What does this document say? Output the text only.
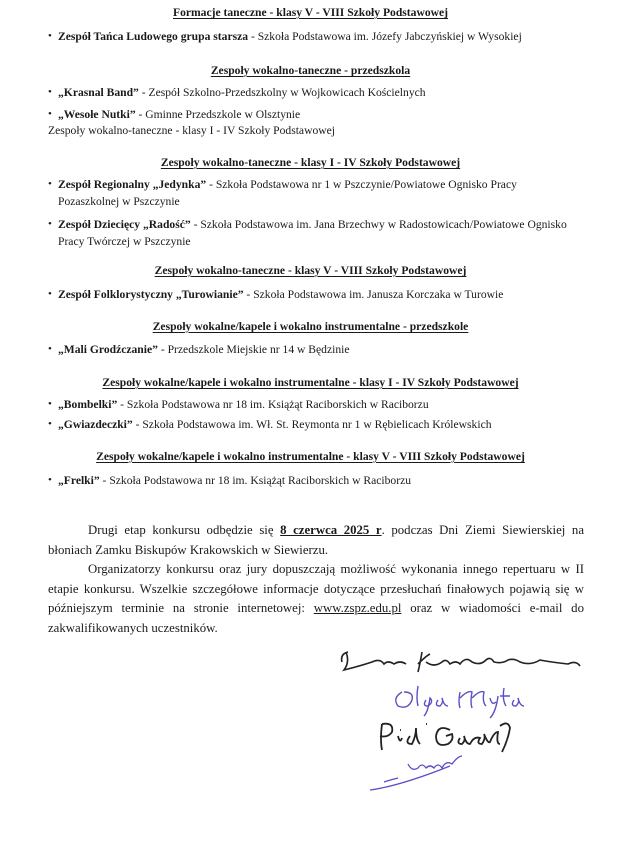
Formacje taneczne - klasy V - VIII Szkoły Podstawowej
• Zespół Tańca Ludowego grupa starsza - Szkoła Podstawowa im. Józefy Jabczyńskiej w Wysokiej
Zespoły wokalno-taneczne - przedszkola
• „Krasnal Band” - Zespół Szkolno-Przedszkolny w Wojkowicach Kościelnych
• „Wesołe Nutki” - Gminne Przedszkole w Olsztynie
Zespoły wokalno-taneczne - klasy I - IV Szkoły Podstawowej
Zespoły wokalno-taneczne - klasy I - IV Szkoły Podstawowej
• Zespół Regionalny „Jedynka” - Szkoła Podstawowa nr 1 w Pszczynie/Powiatowe Ognisko Pracy Pozaszkolnej w Pszczynie
• Zespół Dziecięcy „Radość” - Szkoła Podstawowa im. Jana Brzechwy w Radostowicach/Powiatowe Ognisko Pracy Twórczej w Pszczynie
Zespoły wokalno-taneczne - klasy V - VIII Szkoły Podstawowej
• Zespół Folklorystyczny „Turowianie” - Szkoła Podstawowa im. Janusza Korczaka w Turowie
Zespoły wokalne/kapele i wokalno instrumentalne - przedszkole
• „Mali Grodźczanie” - Przedszkole Miejskie nr 14 w Będzinie
Zespoły wokalne/kapele i wokalno instrumentalne - klasy I - IV Szkoły Podstawowej
• „Bombelki” - Szkoła Podstawowa nr 18 im. Książąt Raciborskich w Raciborzu
• „Gwiazdeczki” - Szkoła Podstawowa im. Wł. St. Reymonta nr 1 w Rębielicach Królewskich
Zespoły wokalne/kapele i wokalno instrumentalne - klasy V - VIII Szkoły Podstawowej
• „Frelki” - Szkoła Podstawowa nr 18 im. Książąt Raciborskich w Raciborzu
Drugi etap konkursu odbędzie się 8 czerwca 2025 r. podczas Dni Ziemi Siewierskiej na błoniach Zamku Biskupów Krakowskich w Siewierzu.
Organizatorzy konkursu oraz jury dopuszczają możliwość wykonania innego repertuaru w II etapie konkursu. Wszelkie szczegółowe informacje dotyczące przesłuchań finałowych pojawią się w późniejszym terminie na stronie internetowej: www.zspz.edu.pl oraz w wiadomości e-mail do zakwalifikowanych uczestników.
